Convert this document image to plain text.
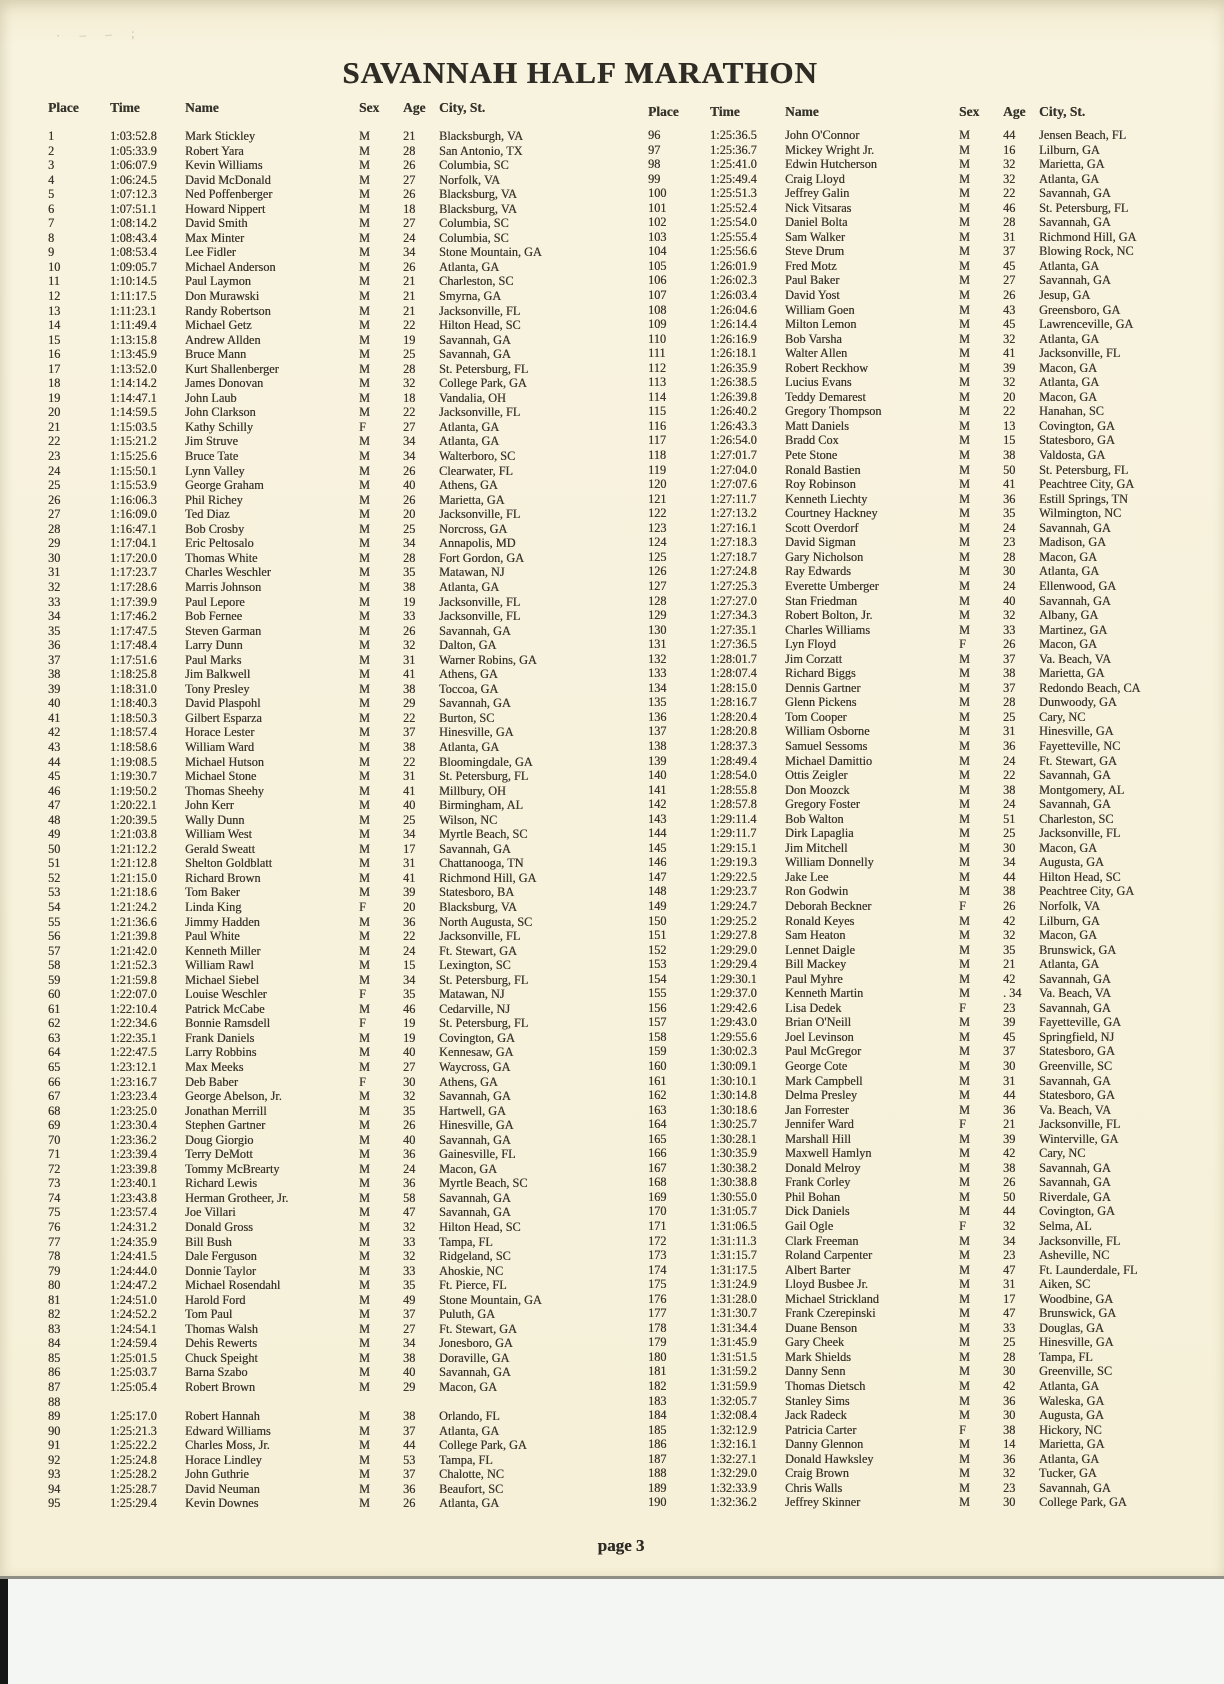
· – – ;
SAVANNAH HALF MARATHON
Place	Time	Name	Sex	Age	City, St.
1	1:03:52.8	Mark Stickley	M	21	Blacksburgh, VA
2	1:05:33.9	Robert Yara	M	28	San Antonio, TX
3	1:06:07.9	Kevin Williams	M	26	Columbia, SC
4	1:06:24.5	David McDonald	M	27	Norfolk, VA
5	1:07:12.3	Ned Poffenberger	M	26	Blacksburg, VA
6	1:07:51.1	Howard Nippert	M	18	Blacksburg, VA
7	1:08:14.2	David Smith	M	27	Columbia, SC
8	1:08:43.4	Max Minter	M	24	Columbia, SC
9	1:08:53.4	Lee Fidler	M	34	Stone Mountain, GA
10	1:09:05.7	Michael Anderson	M	26	Atlanta, GA
11	1:10:14.5	Paul Laymon	M	21	Charleston, SC
12	1:11:17.5	Don Murawski	M	21	Smyrna, GA
13	1:11:23.1	Randy Robertson	M	21	Jacksonville, FL
14	1:11:49.4	Michael Getz	M	22	Hilton Head, SC
15	1:13:15.8	Andrew Allden	M	19	Savannah, GA
16	1:13:45.9	Bruce Mann	M	25	Savannah, GA
17	1:13:52.0	Kurt Shallenberger	M	28	St. Petersburg, FL
18	1:14:14.2	James Donovan	M	32	College Park, GA
19	1:14:47.1	John Laub	M	18	Vandalia, OH
20	1:14:59.5	John Clarkson	M	22	Jacksonville, FL
21	1:15:03.5	Kathy Schilly	F	27	Atlanta, GA
22	1:15:21.2	Jim Struve	M	34	Atlanta, GA
23	1:15:25.6	Bruce Tate	M	34	Walterboro, SC
24	1:15:50.1	Lynn Valley	M	26	Clearwater, FL
25	1:15:53.9	George Graham	M	40	Athens, GA
26	1:16:06.3	Phil Richey	M	26	Marietta, GA
27	1:16:09.0	Ted Diaz	M	20	Jacksonville, FL
28	1:16:47.1	Bob Crosby	M	25	Norcross, GA
29	1:17:04.1	Eric Peltosalo	M	34	Annapolis, MD
30	1:17:20.0	Thomas White	M	28	Fort Gordon, GA
31	1:17:23.7	Charles Weschler	M	35	Matawan, NJ
32	1:17:28.6	Marris Johnson	M	38	Atlanta, GA
33	1:17:39.9	Paul Lepore	M	19	Jacksonville, FL
34	1:17:46.2	Bob Fernee	M	33	Jacksonville, FL
35	1:17:47.5	Steven Garman	M	26	Savannah, GA
36	1:17:48.4	Larry Dunn	M	32	Dalton, GA
37	1:17:51.6	Paul Marks	M	31	Warner Robins, GA
38	1:18:25.8	Jim Balkwell	M	41	Athens, GA
39	1:18:31.0	Tony Presley	M	38	Toccoa, GA
40	1:18:40.3	David Plaspohl	M	29	Savannah, GA
41	1:18:50.3	Gilbert Esparza	M	22	Burton, SC
42	1:18:57.4	Horace Lester	M	37	Hinesville, GA
43	1:18:58.6	William Ward	M	38	Atlanta, GA
44	1:19:08.5	Michael Hutson	M	22	Bloomingdale, GA
45	1:19:30.7	Michael Stone	M	31	St. Petersburg, FL
46	1:19:50.2	Thomas Sheehy	M	41	Millbury, OH
47	1:20:22.1	John Kerr	M	40	Birmingham, AL
48	1:20:39.5	Wally Dunn	M	25	Wilson, NC
49	1:21:03.8	William West	M	34	Myrtle Beach, SC
50	1:21:12.2	Gerald Sweatt	M	17	Savannah, GA
51	1:21:12.8	Shelton Goldblatt	M	31	Chattanooga, TN
52	1:21:15.0	Richard Brown	M	41	Richmond Hill, GA
53	1:21:18.6	Tom Baker	M	39	Statesboro, BA
54	1:21:24.2	Linda King	F	20	Blacksburg, VA
55	1:21:36.6	Jimmy Hadden	M	36	North Augusta, SC
56	1:21:39.8	Paul White	M	22	Jacksonville, FL
57	1:21:42.0	Kenneth Miller	M	24	Ft. Stewart, GA
58	1:21:52.3	William Rawl	M	15	Lexington, SC
59	1:21:59.8	Michael Siebel	M	34	St. Petersburg, FL
60	1:22:07.0	Louise Weschler	F	35	Matawan, NJ
61	1:22:10.4	Patrick McCabe	M	46	Cedarville, NJ
62	1:22:34.6	Bonnie Ramsdell	F	19	St. Petersburg, FL
63	1:22:35.1	Frank Daniels	M	19	Covington, GA
64	1:22:47.5	Larry Robbins	M	40	Kennesaw, GA
65	1:23:12.1	Max Meeks	M	27	Waycross, GA
66	1:23:16.7	Deb Baber	F	30	Athens, GA
67	1:23:23.4	George Abelson, Jr.	M	32	Savannah, GA
68	1:23:25.0	Jonathan Merrill	M	35	Hartwell, GA
69	1:23:30.4	Stephen Gartner	M	26	Hinesville, GA
70	1:23:36.2	Doug Giorgio	M	40	Savannah, GA
71	1:23:39.4	Terry DeMott	M	36	Gainesville, FL
72	1:23:39.8	Tommy McBrearty	M	24	Macon, GA
73	1:23:40.1	Richard Lewis	M	36	Myrtle Beach, SC
74	1:23:43.8	Herman Grotheer, Jr.	M	58	Savannah, GA
75	1:23:57.4	Joe Villari	M	47	Savannah, GA
76	1:24:31.2	Donald Gross	M	32	Hilton Head, SC
77	1:24:35.9	Bill Bush	M	33	Tampa, FL
78	1:24:41.5	Dale Ferguson	M	32	Ridgeland, SC
79	1:24:44.0	Donnie Taylor	M	33	Ahoskie, NC
80	1:24:47.2	Michael Rosendahl	M	35	Ft. Pierce, FL
81	1:24:51.0	Harold Ford	M	49	Stone Mountain, GA
82	1:24:52.2	Tom Paul	M	37	Puluth, GA
83	1:24:54.1	Thomas Walsh	M	27	Ft. Stewart, GA
84	1:24:59.4	Dehis Rewerts	M	34	Jonesboro, GA
85	1:25:01.5	Chuck Speight	M	38	Doraville, GA
86	1:25:03.7	Barna Szabo	M	40	Savannah, GA
87	1:25:05.4	Robert Brown	M	29	Macon, GA
88
89	1:25:17.0	Robert Hannah	M	38	Orlando, FL
90	1:25:21.3	Edward Williams	M	37	Atlanta, GA
91	1:25:22.2	Charles Moss, Jr.	M	44	College Park, GA
92	1:25:24.8	Horace Lindley	M	53	Tampa, FL
93	1:25:28.2	John Guthrie	M	37	Chalotte, NC
94	1:25:28.7	David Neuman	M	36	Beaufort, SC
95	1:25:29.4	Kevin Downes	M	26	Atlanta, GA
Place	Time	Name	Sex	Age	City, St.
96	1:25:36.5	John O'Connor	M	44	Jensen Beach, FL
97	1:25:36.7	Mickey Wright Jr.	M	16	Lilburn, GA
98	1:25:41.0	Edwin Hutcherson	M	32	Marietta, GA
99	1:25:49.4	Craig Lloyd	M	32	Atlanta, GA
100	1:25:51.3	Jeffrey Galin	M	22	Savannah, GA
101	1:25:52.4	Nick Vitsaras	M	46	St. Petersburg, FL
102	1:25:54.0	Daniel Bolta	M	28	Savannah, GA
103	1:25:55.4	Sam Walker	M	31	Richmond Hill, GA
104	1:25:56.6	Steve Drum	M	37	Blowing Rock, NC
105	1:26:01.9	Fred Motz	M	45	Atlanta, GA
106	1:26:02.3	Paul Baker	M	27	Savannah, GA
107	1:26:03.4	David Yost	M	26	Jesup, GA
108	1:26:04.6	William Goen	M	43	Greensboro, GA
109	1:26:14.4	Milton Lemon	M	45	Lawrenceville, GA
110	1:26:16.9	Bob Varsha	M	32	Atlanta, GA
111	1:26:18.1	Walter Allen	M	41	Jacksonville, FL
112	1:26:35.9	Robert Reckhow	M	39	Macon, GA
113	1:26:38.5	Lucius Evans	M	32	Atlanta, GA
114	1:26:39.8	Teddy Demarest	M	20	Macon, GA
115	1:26:40.2	Gregory Thompson	M	22	Hanahan, SC
116	1:26:43.3	Matt Daniels	M	13	Covington, GA
117	1:26:54.0	Bradd Cox	M	15	Statesboro, GA
118	1:27:01.7	Pete Stone	M	38	Valdosta, GA
119	1:27:04.0	Ronald Bastien	M	50	St. Petersburg, FL
120	1:27:07.6	Roy Robinson	M	41	Peachtree City, GA
121	1:27:11.7	Kenneth Liechty	M	36	Estill Springs, TN
122	1:27:13.2	Courtney Hackney	M	35	Wilmington, NC
123	1:27:16.1	Scott Overdorf	M	24	Savannah, GA
124	1:27:18.3	David Sigman	M	23	Madison, GA
125	1:27:18.7	Gary Nicholson	M	28	Macon, GA
126	1:27:24.8	Ray Edwards	M	30	Atlanta, GA
127	1:27:25.3	Everette Umberger	M	24	Ellenwood, GA
128	1:27:27.0	Stan Friedman	M	40	Savannah, GA
129	1:27:34.3	Robert Bolton, Jr.	M	32	Albany, GA
130	1:27:35.1	Charles Williams	M	33	Martinez, GA
131	1:27:36.5	Lyn Floyd	F	26	Macon, GA
132	1:28:01.7	Jim Corzatt	M	37	Va. Beach, VA
133	1:28:07.4	Richard Biggs	M	38	Marietta, GA
134	1:28:15.0	Dennis Gartner	M	37	Redondo Beach, CA
135	1:28:16.7	Glenn Pickens	M	28	Dunwoody, GA
136	1:28:20.4	Tom Cooper	M	25	Cary, NC
137	1:28:20.8	William Osborne	M	31	Hinesville, GA
138	1:28:37.3	Samuel Sessoms	M	36	Fayetteville, NC
139	1:28:49.4	Michael Damittio	M	24	Ft. Stewart, GA
140	1:28:54.0	Ottis Zeigler	M	22	Savannah, GA
141	1:28:55.8	Don Moozck	M	38	Montgomery, AL
142	1:28:57.8	Gregory Foster	M	24	Savannah, GA
143	1:29:11.4	Bob Walton	M	51	Charleston, SC
144	1:29:11.7	Dirk Lapaglia	M	25	Jacksonville, FL
145	1:29:15.1	Jim Mitchell	M	30	Macon, GA
146	1:29:19.3	William Donnelly	M	34	Augusta, GA
147	1:29:22.5	Jake Lee	M	44	Hilton Head, SC
148	1:29:23.7	Ron Godwin	M	38	Peachtree City, GA
149	1:29:24.7	Deborah Beckner	F	26	Norfolk, VA
150	1:29:25.2	Ronald Keyes	M	42	Lilburn, GA
151	1:29:27.8	Sam Heaton	M	32	Macon, GA
152	1:29:29.0	Lennet Daigle	M	35	Brunswick, GA
153	1:29:29.4	Bill Mackey	M	21	Atlanta, GA
154	1:29:30.1	Paul Myhre	M	42	Savannah, GA
155	1:29:37.0	Kenneth Martin	M	. 34	Va. Beach, VA
156	1:29:42.6	Lisa Dedek	F	23	Savannah, GA
157	1:29:43.0	Brian O'Neill	M	39	Fayetteville, GA
158	1:29:55.6	Joel Levinson	M	45	Springfield, NJ
159	1:30:02.3	Paul McGregor	M	37	Statesboro, GA
160	1:30:09.1	George Cote	M	30	Greenville, SC
161	1:30:10.1	Mark Campbell	M	31	Savannah, GA
162	1:30:14.8	Delma Presley	M	44	Statesboro, GA
163	1:30:18.6	Jan Forrester	M	36	Va. Beach, VA
164	1:30:25.7	Jennifer Ward	F	21	Jacksonville, FL
165	1:30:28.1	Marshall Hill	M	39	Winterville, GA
166	1:30:35.9	Maxwell Hamlyn	M	42	Cary, NC
167	1:30:38.2	Donald Melroy	M	38	Savannah, GA
168	1:30:38.8	Frank Corley	M	26	Savannah, GA
169	1:30:55.0	Phil Bohan	M	50	Riverdale, GA
170	1:31:05.7	Dick Daniels	M	44	Covington, GA
171	1:31:06.5	Gail Ogle	F	32	Selma, AL
172	1:31:11.3	Clark Freeman	M	34	Jacksonville, FL
173	1:31:15.7	Roland Carpenter	M	23	Asheville, NC
174	1:31:17.5	Albert Barter	M	47	Ft. Launderdale, FL
175	1:31:24.9	Lloyd Busbee Jr.	M	31	Aiken, SC
176	1:31:28.0	Michael Strickland	M	17	Woodbine, GA
177	1:31:30.7	Frank Czerepinski	M	47	Brunswick, GA
178	1:31:34.4	Duane Benson	M	33	Douglas, GA
179	1:31:45.9	Gary Cheek	M	25	Hinesville, GA
180	1:31:51.5	Mark Shields	M	28	Tampa, FL
181	1:31:59.2	Danny Senn	M	30	Greenville, SC
182	1:31:59.9	Thomas Dietsch	M	42	Atlanta, GA
183	1:32:05.7	Stanley Sims	M	36	Waleska, GA
184	1:32:08.4	Jack Radeck	M	30	Augusta, GA
185	1:32:12.9	Patricia Carter	F	38	Hickory, NC
186	1:32:16.1	Danny Glennon	M	14	Marietta, GA
187	1:32:27.1	Donald Hawksley	M	36	Atlanta, GA
188	1:32:29.0	Craig Brown	M	32	Tucker, GA
189	1:32:33.9	Chris Walls	M	23	Savannah, GA
190	1:32:36.2	Jeffrey Skinner	M	30	College Park, GA
page 3
